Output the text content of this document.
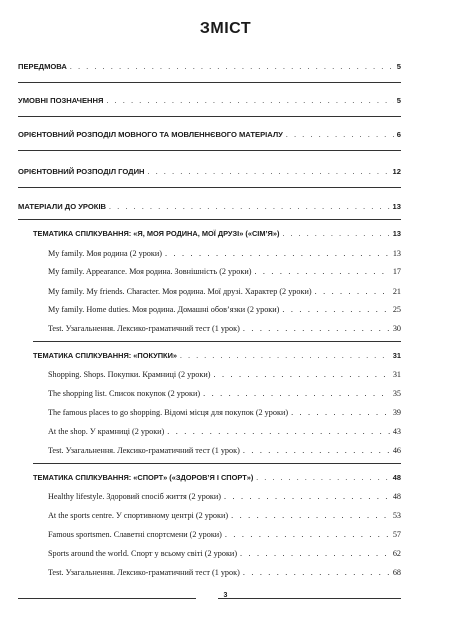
ЗМІСТ
ПЕРЕДМОВА . . .	5
УМОВНІ ПОЗНАЧЕННЯ . . .	5
ОРІЄНТОВНИЙ РОЗПОДІЛ МОВНОГО ТА МОВЛЕННЄВОГО МАТЕРІАЛУ . . .	6
ОРІЄНТОВНИЙ РОЗПОДІЛ ГОДИН . . .	12
МАТЕРІАЛИ ДО УРОКІВ . . .	13
ТЕМАТИКА СПІЛКУВАННЯ: «Я, МОЯ РОДИНА, МОЇ ДРУЗІ» («СІМ’Я») . . .	13
My family. Моя родина (2 уроки) . . .	13
My family. Appearance. Моя родина. Зовнішність (2 уроки) . . .	17
My family. My friends. Character. Моя родина. Мої друзі. Характер (2 уроки) . . .	21
My family. Home duties. Моя родина. Домашні обов’язки (2 уроки) . . .	25
Test. Узагальнення. Лексико-граматичний тест (1 урок) . . .	30
ТЕМАТИКА СПІЛКУВАННЯ: «ПОКУПКИ» . . .	31
Shopping. Shops. Покупки. Крамниці (2 уроки) . . .	31
The shopping list. Список покупок (2 уроки) . . .	35
The famous places to go shopping. Відомі місця для покупок (2 уроки) . . .	39
At the shop. У крамниці (2 уроки) . . .	43
Test. Узагальнення. Лексико-граматичний тест (1 урок) . . .	46
ТЕМАТИКА СПІЛКУВАННЯ: «СПОРТ» («ЗДОРОВ’Я І СПОРТ») . . .	48
Healthy lifestyle. Здоровий спосіб життя (2 уроки) . . .	48
At the sports centre. У спортивному центрі (2 уроки) . . .	53
Famous sportsmen. Славетні спортсмени (2 уроки) . . .	57
Sports around the world. Спорт у всьому світі (2 уроки) . . .	62
Test. Узагальнення. Лексико-граматичний тест (1 урок) . . .	68
3
